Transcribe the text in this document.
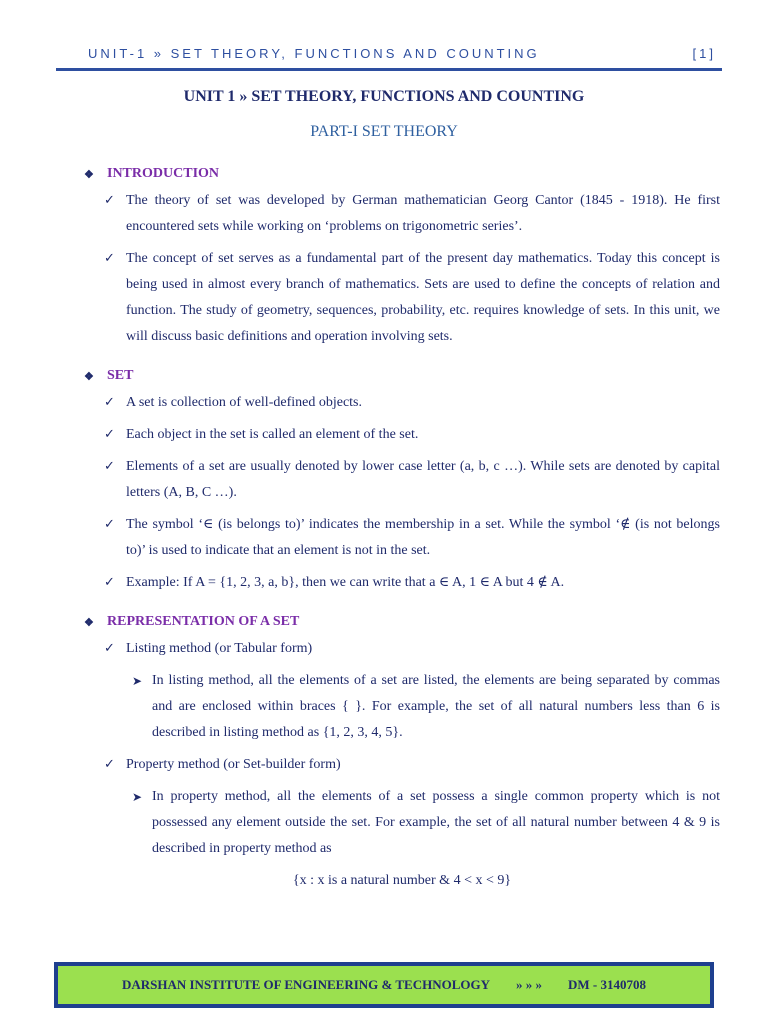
UNIT-1 » SET THEORY, FUNCTIONS AND COUNTING	[1]
UNIT 1 » SET THEORY, FUNCTIONS AND COUNTING
PART-I SET THEORY
❖ INTRODUCTION
✓ The theory of set was developed by German mathematician Georg Cantor (1845 - 1918). He first encountered sets while working on ‘problems on trigonometric series’.
✓ The concept of set serves as a fundamental part of the present day mathematics. Today this concept is being used in almost every branch of mathematics. Sets are used to define the concepts of relation and function. The study of geometry, sequences, probability, etc. requires knowledge of sets. In this unit, we will discuss basic definitions and operation involving sets.
❖ SET
✓ A set is collection of well-defined objects.
✓ Each object in the set is called an element of the set.
✓ Elements of a set are usually denoted by lower case letter (a, b, c …). While sets are denoted by capital letters (A, B, C …).
✓ The symbol ‘∈ (is belongs to)’ indicates the membership in a set. While the symbol ‘∉ (is not belongs to)’ is used to indicate that an element is not in the set.
✓ Example: If A = {1, 2, 3, a, b}, then we can write that a ∈ A, 1 ∈ A but 4 ∉ A.
❖ REPRESENTATION OF A SET
✓ Listing method (or Tabular form)
➤ In listing method, all the elements of a set are listed, the elements are being separated by commas and are enclosed within braces { }. For example, the set of all natural numbers less than 6 is described in listing method as {1, 2, 3, 4, 5}.
✓ Property method (or Set-builder form)
➤ In property method, all the elements of a set possess a single common property which is not possessed any element outside the set. For example, the set of all natural number between 4 & 9 is described in property method as
{x : x is a natural number & 4 < x < 9}
DARSHAN INSTITUTE OF ENGINEERING & TECHNOLOGY » » » DM - 3140708
